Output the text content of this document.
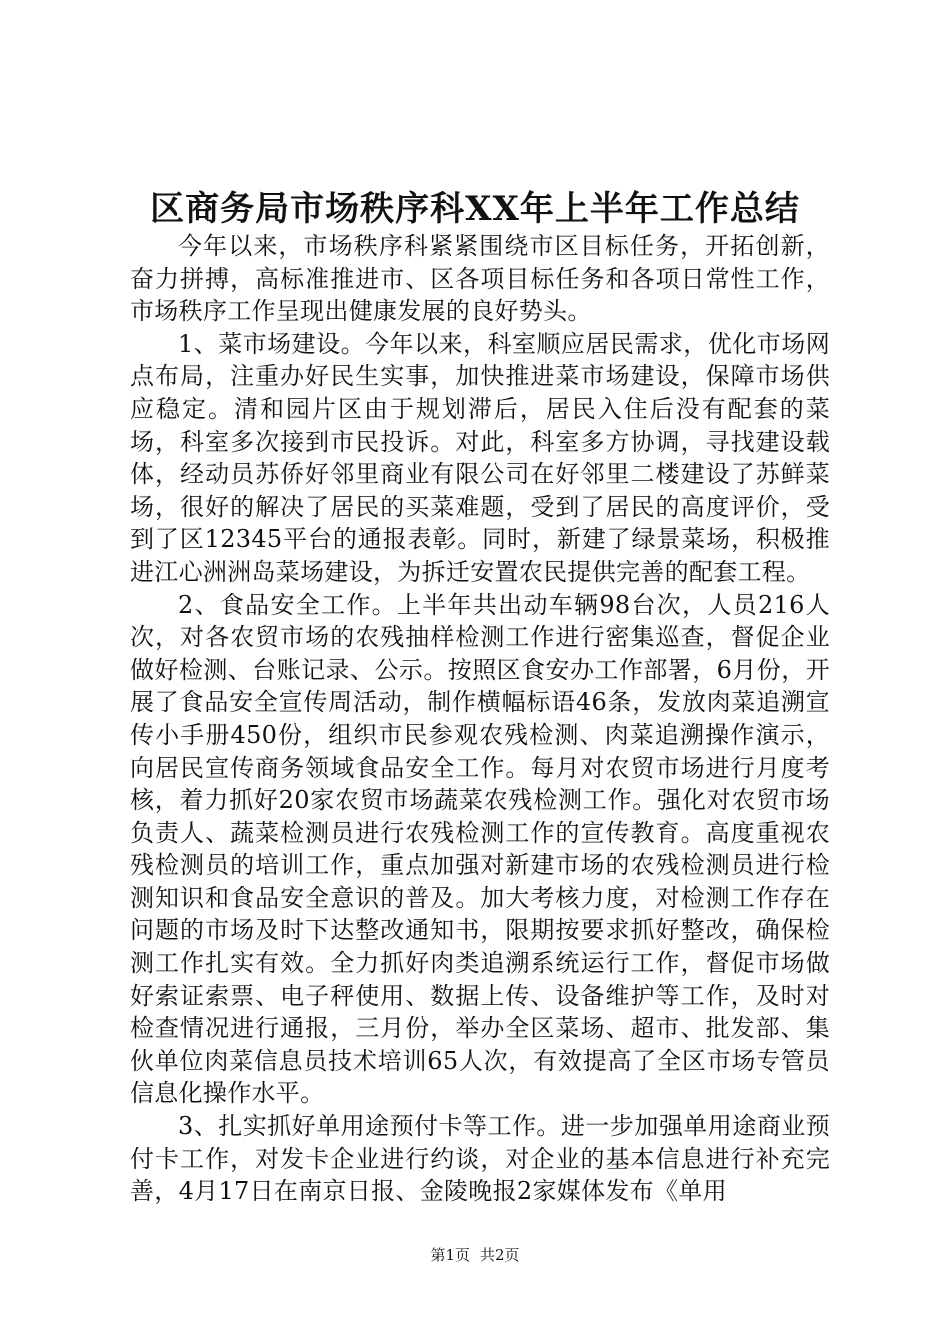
区商务局市场秩序科XX年上半年工作总结

今年以来，市场秩序科紧紧围绕市区目标任务，开拓创新，奋力拼搏，高标准推进市、区各项目标任务和各项日常性工作，市场秩序工作呈现出健康发展的良好势头。

1、菜市场建设。今年以来，科室顺应居民需求，优化市场网点布局，注重办好民生实事，加快推进菜市场建设，保障市场供应稳定。清和园片区由于规划滞后，居民入住后没有配套的菜场，科室多次接到市民投诉。对此，科室多方协调，寻找建设载体，经动员苏侨好邻里商业有限公司在好邻里二楼建设了苏鲜菜场，很好的解决了居民的买菜难题，受到了居民的高度评价，受到了区12345平台的通报表彰。同时，新建了绿景菜场，积极推进江心洲洲岛菜场建设，为拆迁安置农民提供完善的配套工程。

2、食品安全工作。上半年共出动车辆98台次，人员216人次，对各农贸市场的农残抽样检测工作进行密集巡查，督促企业做好检测、台账记录、公示。按照区食安办工作部署，6月份，开展了食品安全宣传周活动，制作横幅标语46条，发放肉菜追溯宣传小手册450份，组织市民参观农残检测、肉菜追溯操作演示，向居民宣传商务领域食品安全工作。每月对农贸市场进行月度考核，着力抓好20家农贸市场蔬菜农残检测工作。强化对农贸市场负责人、蔬菜检测员进行农残检测工作的宣传教育。高度重视农残检测员的培训工作，重点加强对新建市场的农残检测员进行检测知识和食品安全意识的普及。加大考核力度，对检测工作存在问题的市场及时下达整改通知书，限期按要求抓好整改，确保检测工作扎实有效。全力抓好肉类追溯系统运行工作，督促市场做好索证索票、电子秤使用、数据上传、设备维护等工作，及时对检查情况进行通报，三月份，举办全区菜场、超市、批发部、集伙单位肉菜信息员技术培训65人次，有效提高了全区市场专管员信息化操作水平。

3、扎实抓好单用途预付卡等工作。进一步加强单用途商业预付卡工作，对发卡企业进行约谈，对企业的基本信息进行补充完善，4月17日在南京日报、金陵晚报2家媒体发布《单用

第1页 共2页
